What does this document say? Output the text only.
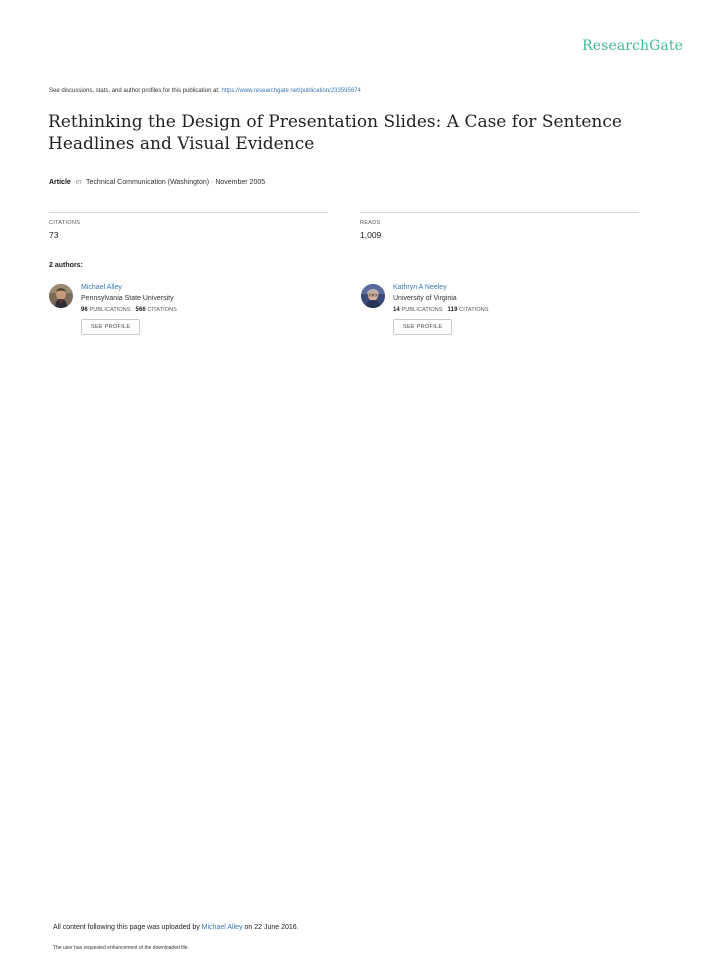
ResearchGate
See discussions, stats, and author profiles for this publication at: https://www.researchgate.net/publication/233595674
Rethinking the Design of Presentation Slides: A Case for Sentence Headlines and Visual Evidence
Article in Technical Communication (Washington) · November 2005
CITATIONS
73
READS
1,009
2 authors:
Michael Alley
Pennsylvania State University
96 PUBLICATIONS 566 CITATIONS
SEE PROFILE
Kathryn A Neeley
University of Virginia
14 PUBLICATIONS 119 CITATIONS
SEE PROFILE
All content following this page was uploaded by Michael Alley on 22 June 2016.
The user has requested enhancement of the downloaded file.
